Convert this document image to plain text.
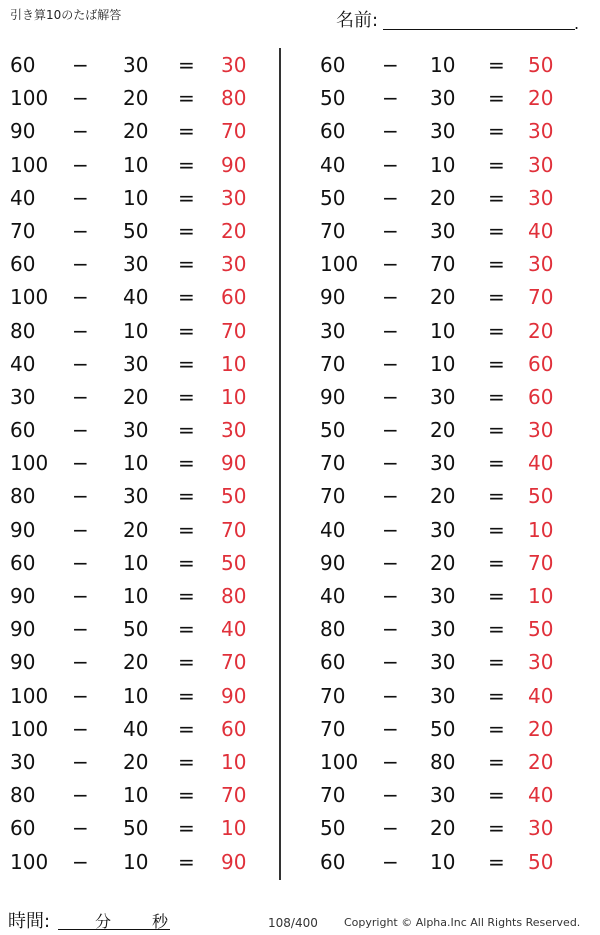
引き算10のたば解答	名前:	.
60 − 30 = 30
100 − 20 = 80
90 − 20 = 70
100 − 10 = 90
40 − 10 = 30
70 − 50 = 20
60 − 30 = 30
100 − 40 = 60
80 − 10 = 70
40 − 30 = 10
30 − 20 = 10
60 − 30 = 30
100 − 10 = 90
80 − 30 = 50
90 − 20 = 70
60 − 10 = 50
90 − 10 = 80
90 − 50 = 40
90 − 20 = 70
100 − 10 = 90
100 − 40 = 60
30 − 20 = 10
80 − 10 = 70
60 − 50 = 10
100 − 10 = 90
60 − 10 = 50
50 − 30 = 20
60 − 30 = 30
40 − 10 = 30
50 − 20 = 30
70 − 30 = 40
100 − 70 = 30
90 − 20 = 70
30 − 10 = 20
70 − 10 = 60
90 − 30 = 60
50 − 20 = 30
70 − 30 = 40
70 − 20 = 50
40 − 30 = 10
90 − 20 = 70
40 − 30 = 10
80 − 30 = 50
60 − 30 = 30
70 − 30 = 40
70 − 50 = 20
100 − 80 = 20
70 − 30 = 40
50 − 20 = 30
60 − 10 = 50
時間:	分	秒	108/400 Copyright © Alpha.Inc All Rights Reserved.
